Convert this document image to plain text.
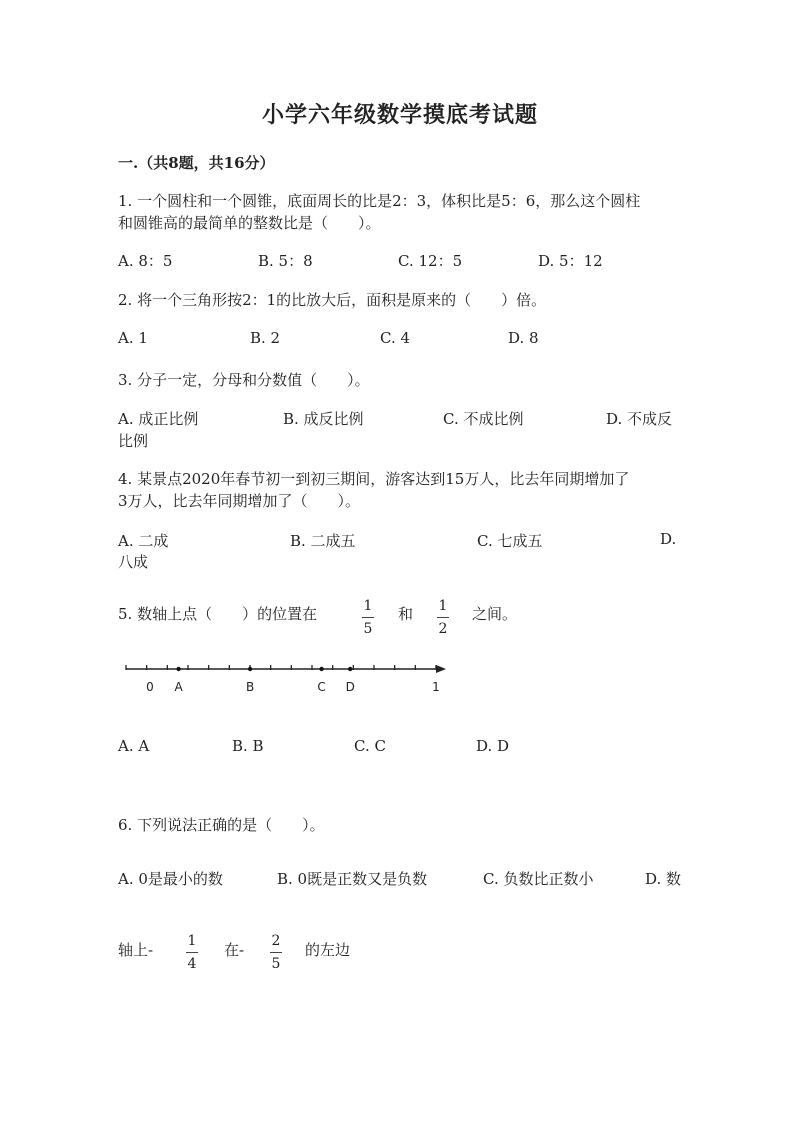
小学六年级数学摸底考试题
一.（共8题，共16分）
1. 一个圆柱和一个圆锥，底面周长的比是2：3，体积比是5：6，那么这个圆柱
和圆锥高的最简单的整数比是（　　）。
A. 8：5	B. 5：8	C. 12：5	D. 5：12
2. 将一个三角形按2：1的比放大后，面积是原来的（　　）倍。
A. 1	B. 2	C. 4	D. 8
3. 分子一定，分母和分数值（　　）。
A. 成正比例	B. 成反比例	C. 不成比例	D. 不成反
比例
4. 某景点2020年春节初一到初三期间，游客达到15万人，比去年同期增加了
3万人，比去年同期增加了（　　）。
A. 二成	B. 二成五	C. 七成五	D.
八成
5. 数轴上点（　　）的位置在	1
5
和 1
2
之间。
0 A	B	C D	1
A. A	B. B	C. C	D. D
6. 下列说法正确的是（　　）。
A. 0是最小的数	B. 0既是正数又是负数	C. 负数比正数小	D. 数
轴上- 1
4
在- 2
5
的左边
